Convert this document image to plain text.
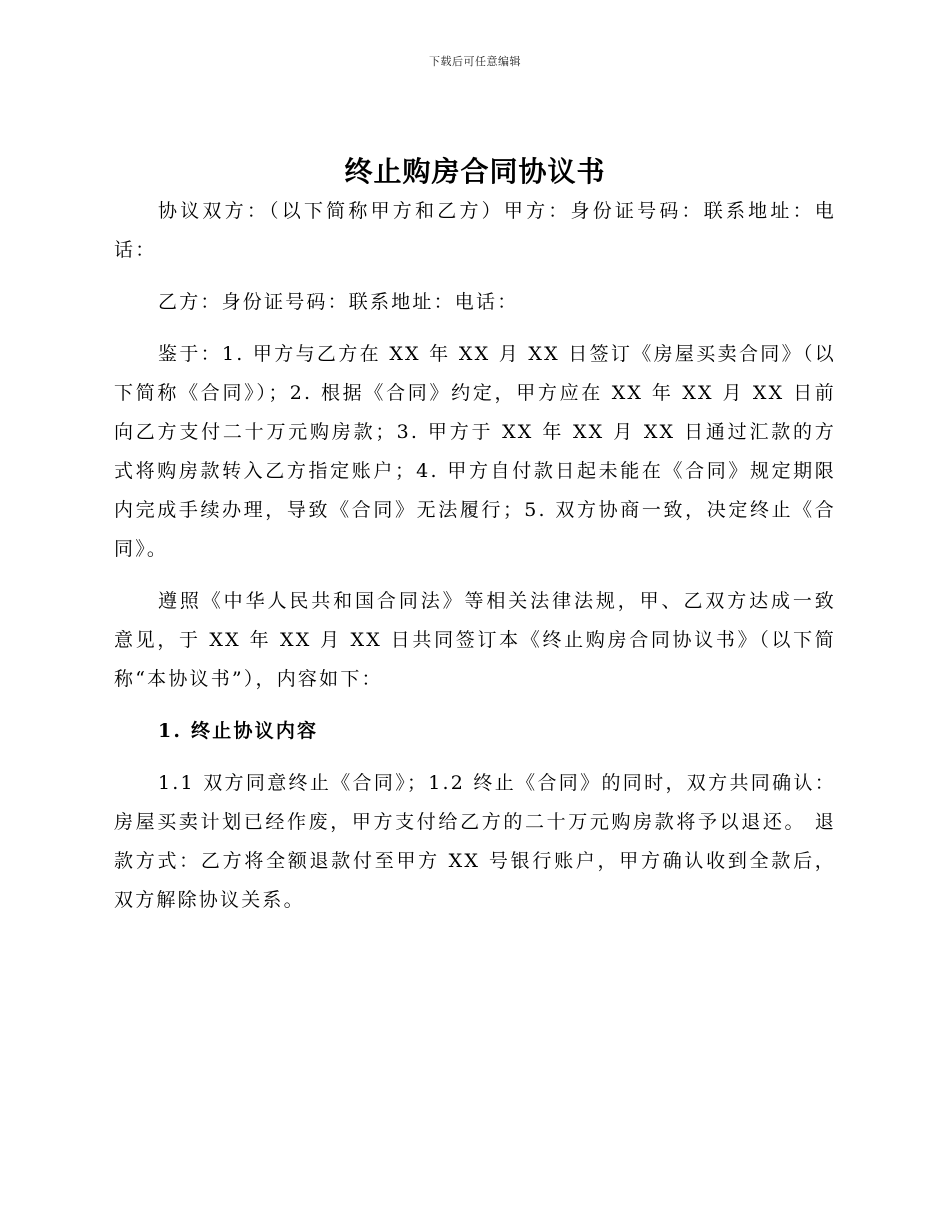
下载后可任意编辑
终止购房合同协议书

协议双方：（以下简称甲方和乙方）甲方：身份证号码：联系地址：电话：

乙方：身份证号码：联系地址：电话：

鉴于：1. 甲方与乙方在 XX 年 XX 月 XX 日签订《房屋买卖合同》（以下简称《合同》）；2. 根据《合同》约定，甲方应在 XX 年 XX 月 XX 日前向乙方支付二十万元购房款；3. 甲方于 XX 年 XX 月 XX 日通过汇款的方式将购房款转入乙方指定账户；4. 甲方自付款日起未能在《合同》规定期限内完成手续办理，导致《合同》无法履行；5. 双方协商一致，决定终止《合同》。

遵照《中华人民共和国合同法》等相关法律法规，甲、乙双方达成一致意见，于 XX 年 XX 月 XX 日共同签订本《终止购房合同协议书》（以下简称“本协议书”），内容如下：

1. 终止协议内容

1.1 双方同意终止《合同》；1.2 终止《合同》的同时，双方共同确认：房屋买卖计划已经作废，甲方支付给乙方的二十万元购房款将予以退还。 退款方式：乙方将全额退款付至甲方 XX 号银行账户，甲方确认收到全款后，双方解除协议关系。
